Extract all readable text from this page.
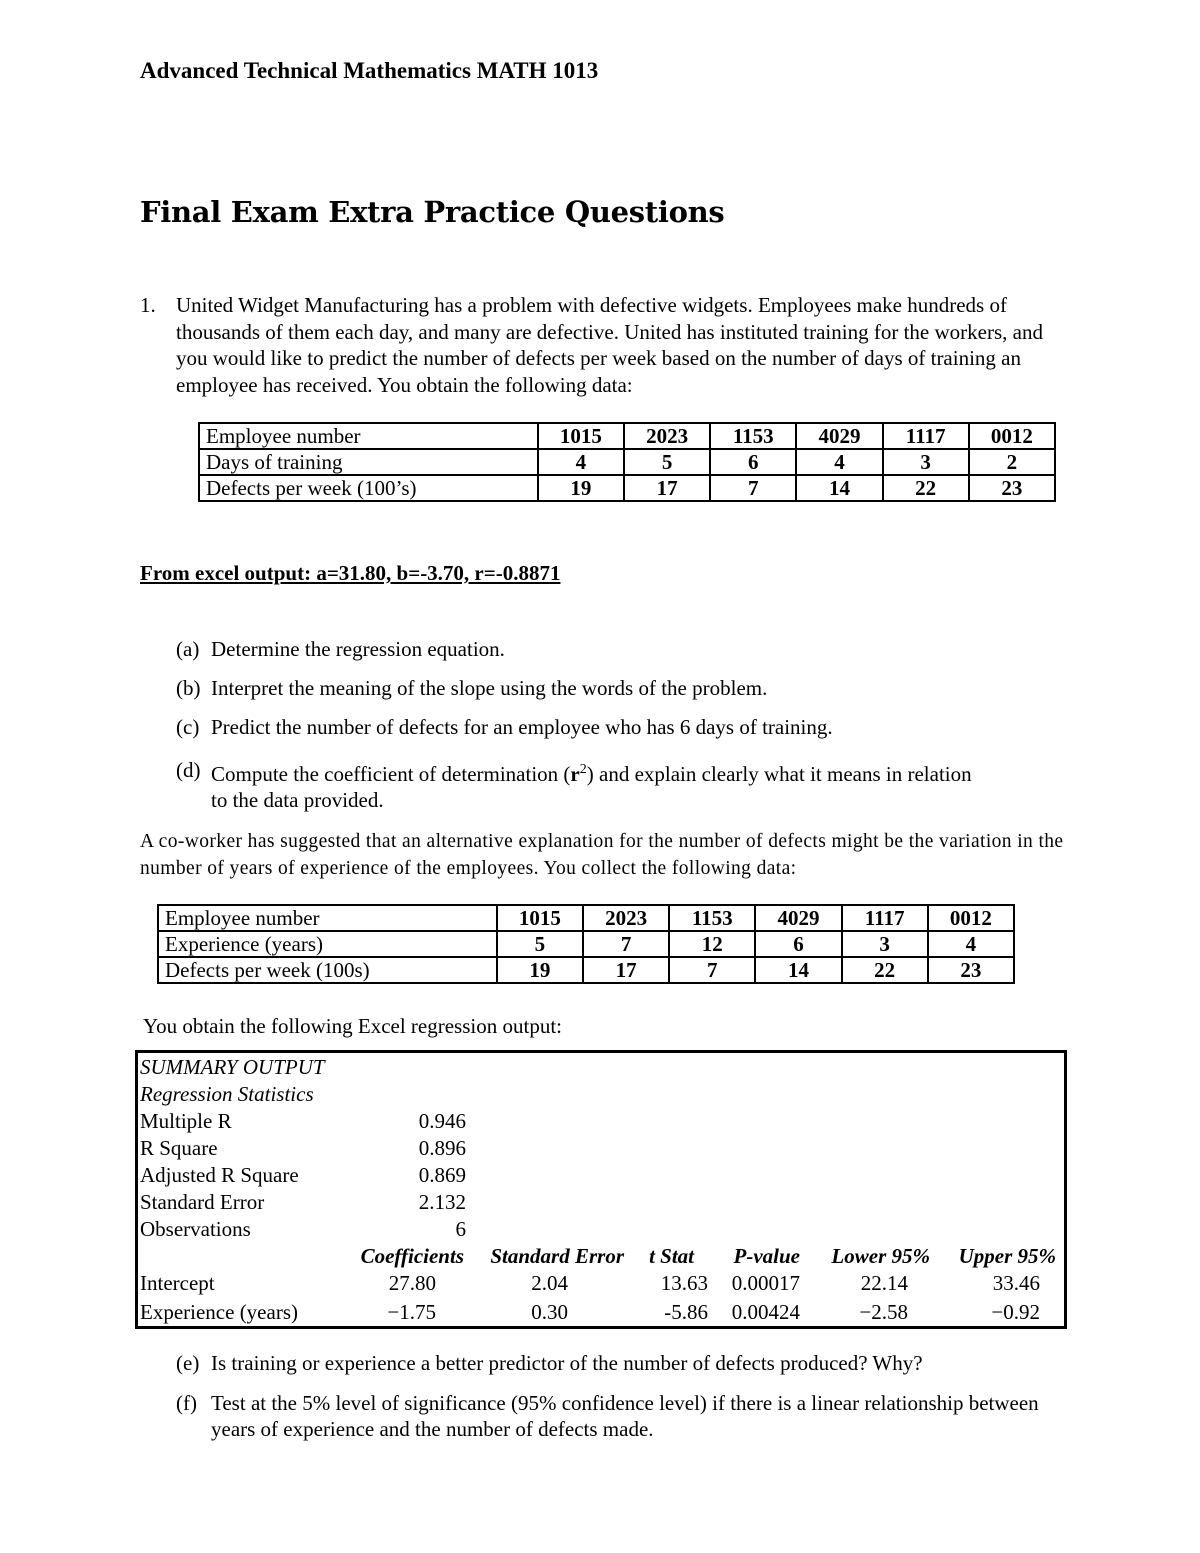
Advanced Technical Mathematics MATH 1013
Final Exam Extra Practice Questions
1. United Widget Manufacturing has a problem with defective widgets. Employees make hundreds of thousands of them each day, and many are defective. United has instituted training for the workers, and you would like to predict the number of defects per week based on the number of days of training an employee has received. You obtain the following data:
Employee number	1015	2023	1153	4029	1117	0012
Days of training	4	5	6	4	3	2
Defects per week (100’s)	19	17	7	14	22	23
From excel output: a=31.80, b=-3.70, r=-0.8871
(a) Determine the regression equation.
(b) Interpret the meaning of the slope using the words of the problem.
(c) Predict the number of defects for an employee who has 6 days of training.
(d) Compute the coefficient of determination $(r^2)$ and explain clearly what it means in relation to the data provided.
A co-worker has suggested that an alternative explanation for the number of defects might be the variation in the number of years of experience of the employees. You collect the following data:
Employee number	1015	2023	1153	4029	1117	0012
Experience (years)	5	7	12	6	3	4
Defects per week (100s)	19	17	7	14	22	23
You obtain the following Excel regression output:
SUMMARY OUTPUT
Regression Statistics
Multiple R	0.946
R Square	0.896
Adjusted R Square	0.869
Standard Error	2.132
Observations	6
Coefficients	Standard Error	t Stat	P-value	Lower 95%	Upper 95%
Intercept	27.80	2.04	13.63	0.00017	22.14	33.46
Experience (years)	−1.75	0.30	-5.86	0.00424	−2.58	−0.92
(e) Is training or experience a better predictor of the number of defects produced? Why?
(f) Test at the 5% level of significance (95% confidence level) if there is a linear relationship between years of experience and the number of defects made.
